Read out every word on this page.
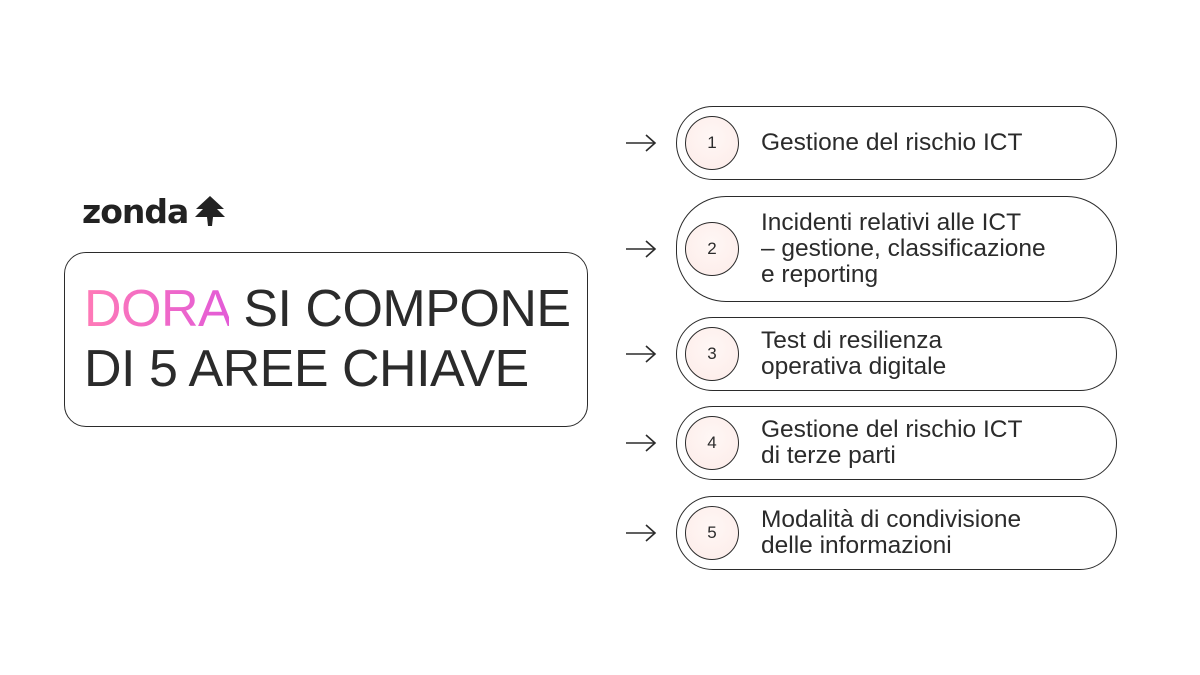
zonda
DORA SI COMPONE
DI 5 AREE CHIAVE
1	Gestione del rischio ICT
2
Incidenti relativi alle ICT
– gestione, classificazione
e reporting
3	Test di resilienza
operativa digitale
4	Gestione del rischio ICT
di terze parti
5	Modalità di condivisione
delle informazioni
